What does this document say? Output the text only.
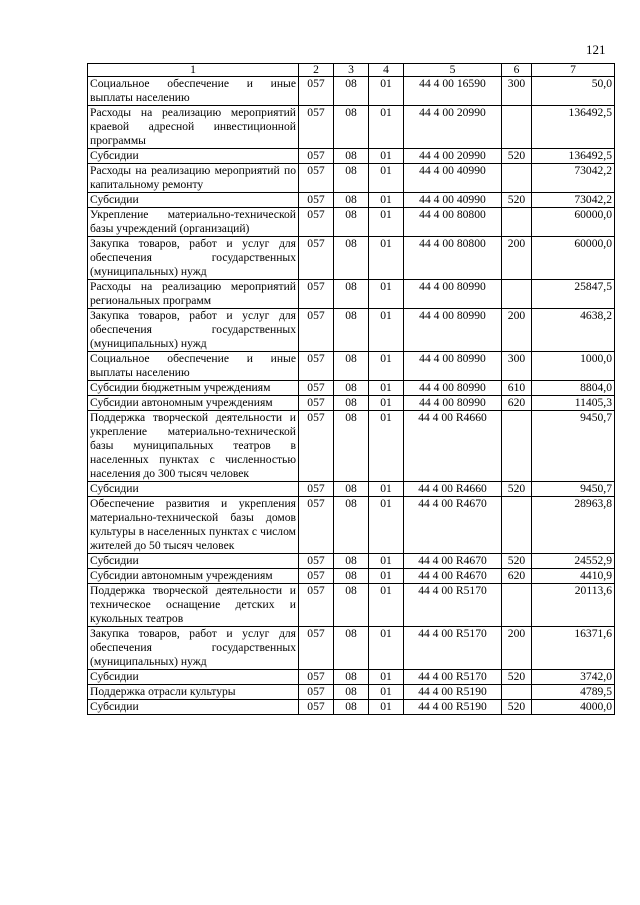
121
1	2	3	4	5	6	7
Социальное обеспечение и иные выплаты населению	057	08	01	44 4 00 16590	300	50,0
Расходы на реализацию мероприятий краевой адресной инвестиционной программы	057	08	01	44 4 00 20990		136492,5
Субсидии	057	08	01	44 4 00 20990	520	136492,5
Расходы на реализацию мероприятий по капитальному ремонту	057	08	01	44 4 00 40990		73042,2
Субсидии	057	08	01	44 4 00 40990	520	73042,2
Укрепление материально-технической базы учреждений (организаций)	057	08	01	44 4 00 80800		60000,0
Закупка товаров, работ и услуг для обеспечения государственных (муниципальных) нужд	057	08	01	44 4 00 80800	200	60000,0
Расходы на реализацию мероприятий региональных программ	057	08	01	44 4 00 80990		25847,5
Закупка товаров, работ и услуг для обеспечения государственных (муниципальных) нужд	057	08	01	44 4 00 80990	200	4638,2
Социальное обеспечение и иные выплаты населению	057	08	01	44 4 00 80990	300	1000,0
Субсидии бюджетным учреждениям	057	08	01	44 4 00 80990	610	8804,0
Субсидии автономным учреждениям	057	08	01	44 4 00 80990	620	11405,3
Поддержка творческой деятельности и укрепление материально-технической базы муниципальных театров в населенных пунктах с численностью населения до 300 тысяч человек	057	08	01	44 4 00 R4660		9450,7
Субсидии	057	08	01	44 4 00 R4660	520	9450,7
Обеспечение развития и укрепления материально-технической базы домов культуры в населенных пунктах с числом жителей до 50 тысяч человек	057	08	01	44 4 00 R4670		28963,8
Субсидии	057	08	01	44 4 00 R4670	520	24552,9
Субсидии автономным учреждениям	057	08	01	44 4 00 R4670	620	4410,9
Поддержка творческой деятельности и техническое оснащение детских и кукольных театров	057	08	01	44 4 00 R5170		20113,6
Закупка товаров, работ и услуг для обеспечения государственных (муниципальных) нужд	057	08	01	44 4 00 R5170	200	16371,6
Субсидии	057	08	01	44 4 00 R5170	520	3742,0
Поддержка отрасли культуры	057	08	01	44 4 00 R5190		4789,5
Субсидии	057	08	01	44 4 00 R5190	520	4000,0
